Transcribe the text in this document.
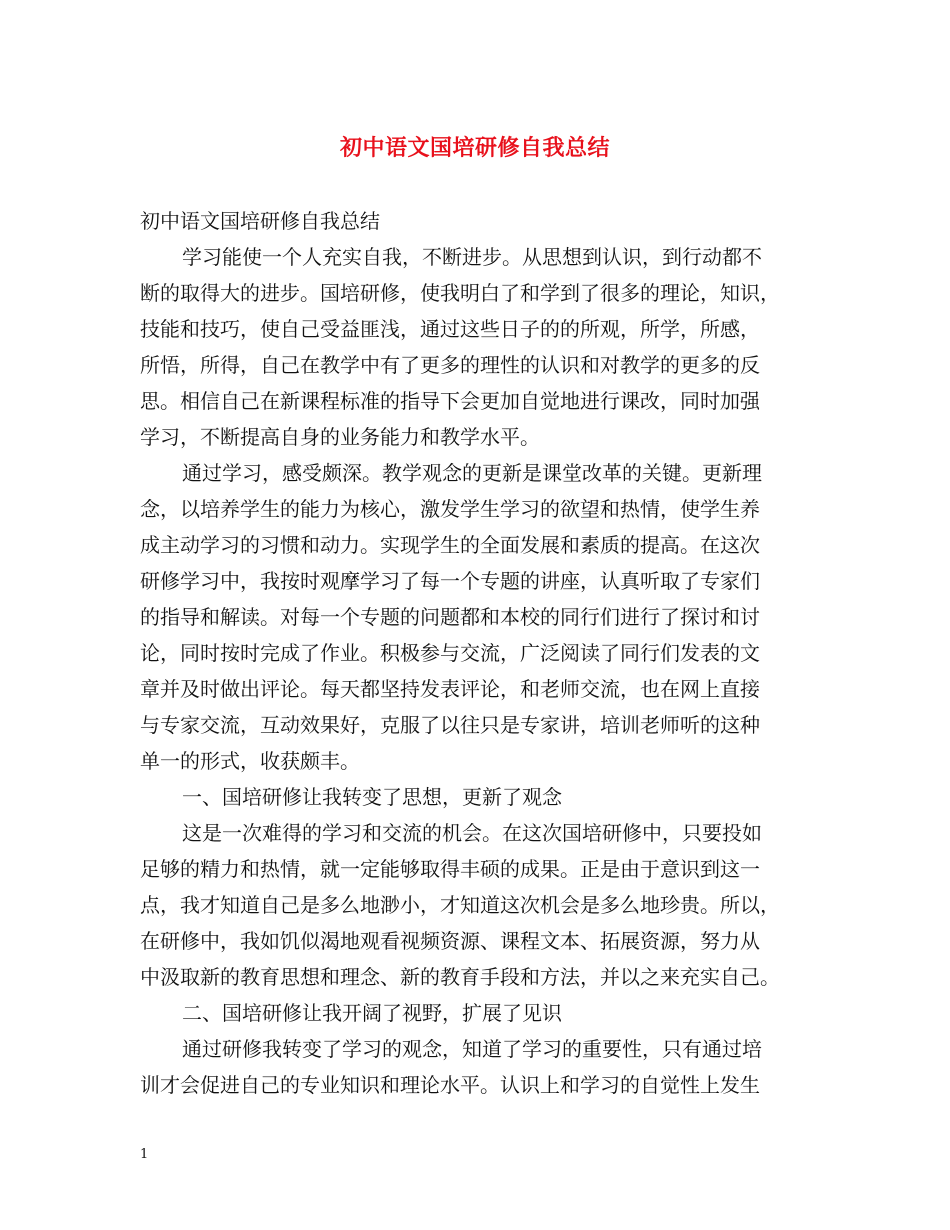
初中语文国培研修自我总结
初中语文国培研修自我总结
学习能使一个人充实自我，不断进步。从思想到认识，到行动都不
断的取得大的进步。国培研修，使我明白了和学到了很多的理论，知识，
技能和技巧，使自己受益匪浅，通过这些日子的的所观，所学，所感，
所悟，所得，自己在教学中有了更多的理性的认识和对教学的更多的反
思。相信自己在新课程标准的指导下会更加自觉地进行课改，同时加强
学习，不断提高自身的业务能力和教学水平。
通过学习，感受颇深。教学观念的更新是课堂改革的关键。更新理
念，以培养学生的能力为核心，激发学生学习的欲望和热情，使学生养
成主动学习的习惯和动力。实现学生的全面发展和素质的提高。在这次
研修学习中，我按时观摩学习了每一个专题的讲座，认真听取了专家们
的指导和解读。对每一个专题的问题都和本校的同行们进行了探讨和讨
论，同时按时完成了作业。积极参与交流，广泛阅读了同行们发表的文
章并及时做出评论。每天都坚持发表评论，和老师交流，也在网上直接
与专家交流，互动效果好，克服了以往只是专家讲，培训老师听的这种
单一的形式，收获颇丰。
一、国培研修让我转变了思想，更新了观念
这是一次难得的学习和交流的机会。在这次国培研修中，只要投如
足够的精力和热情，就一定能够取得丰硕的成果。正是由于意识到这一
点，我才知道自己是多么地渺小，才知道这次机会是多么地珍贵。所以，
在研修中，我如饥似渴地观看视频资源、课程文本、拓展资源，努力从
中汲取新的教育思想和理念、新的教育手段和方法，并以之来充实自己。
二、国培研修让我开阔了视野，扩展了见识
通过研修我转变了学习的观念，知道了学习的重要性，只有通过培
训才会促进自己的专业知识和理论水平。认识上和学习的自觉性上发生
1
